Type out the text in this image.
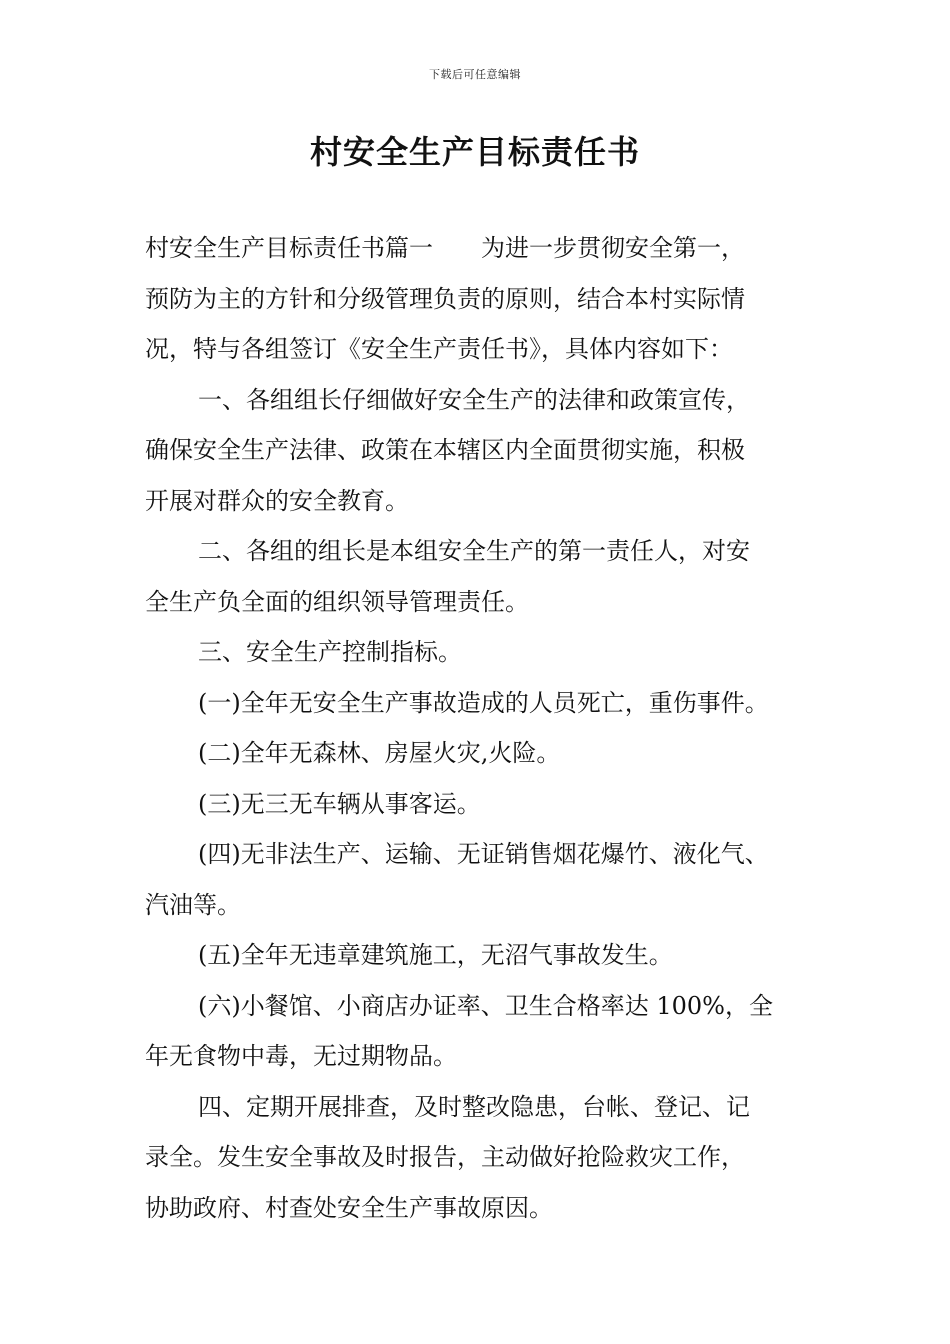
下载后可任意编辑
村安全生产目标责任书
村安全生产目标责任书篇一　　为进一步贯彻安全第一，
预防为主的方针和分级管理负责的原则，结合本村实际情
况，特与各组签订《安全生产责任书》，具体内容如下：
一、各组组长仔细做好安全生产的法律和政策宣传，
确保安全生产法律、政策在本辖区内全面贯彻实施，积极
开展对群众的安全教育。
二、各组的组长是本组安全生产的第一责任人，对安
全生产负全面的组织领导管理责任。
三、安全生产控制指标。
(一)全年无安全生产事故造成的人员死亡，重伤事件。
(二)全年无森林、房屋火灾,火险。
(三)无三无车辆从事客运。
(四)无非法生产、运输、无证销售烟花爆竹、液化气、
汽油等。
(五)全年无违章建筑施工，无沼气事故发生。
(六)小餐馆、小商店办证率、卫生合格率达 100%，全
年无食物中毒，无过期物品。
四、定期开展排查，及时整改隐患，台帐、登记、记
录全。发生安全事故及时报告，主动做好抢险救灾工作，
协助政府、村查处安全生产事故原因。
